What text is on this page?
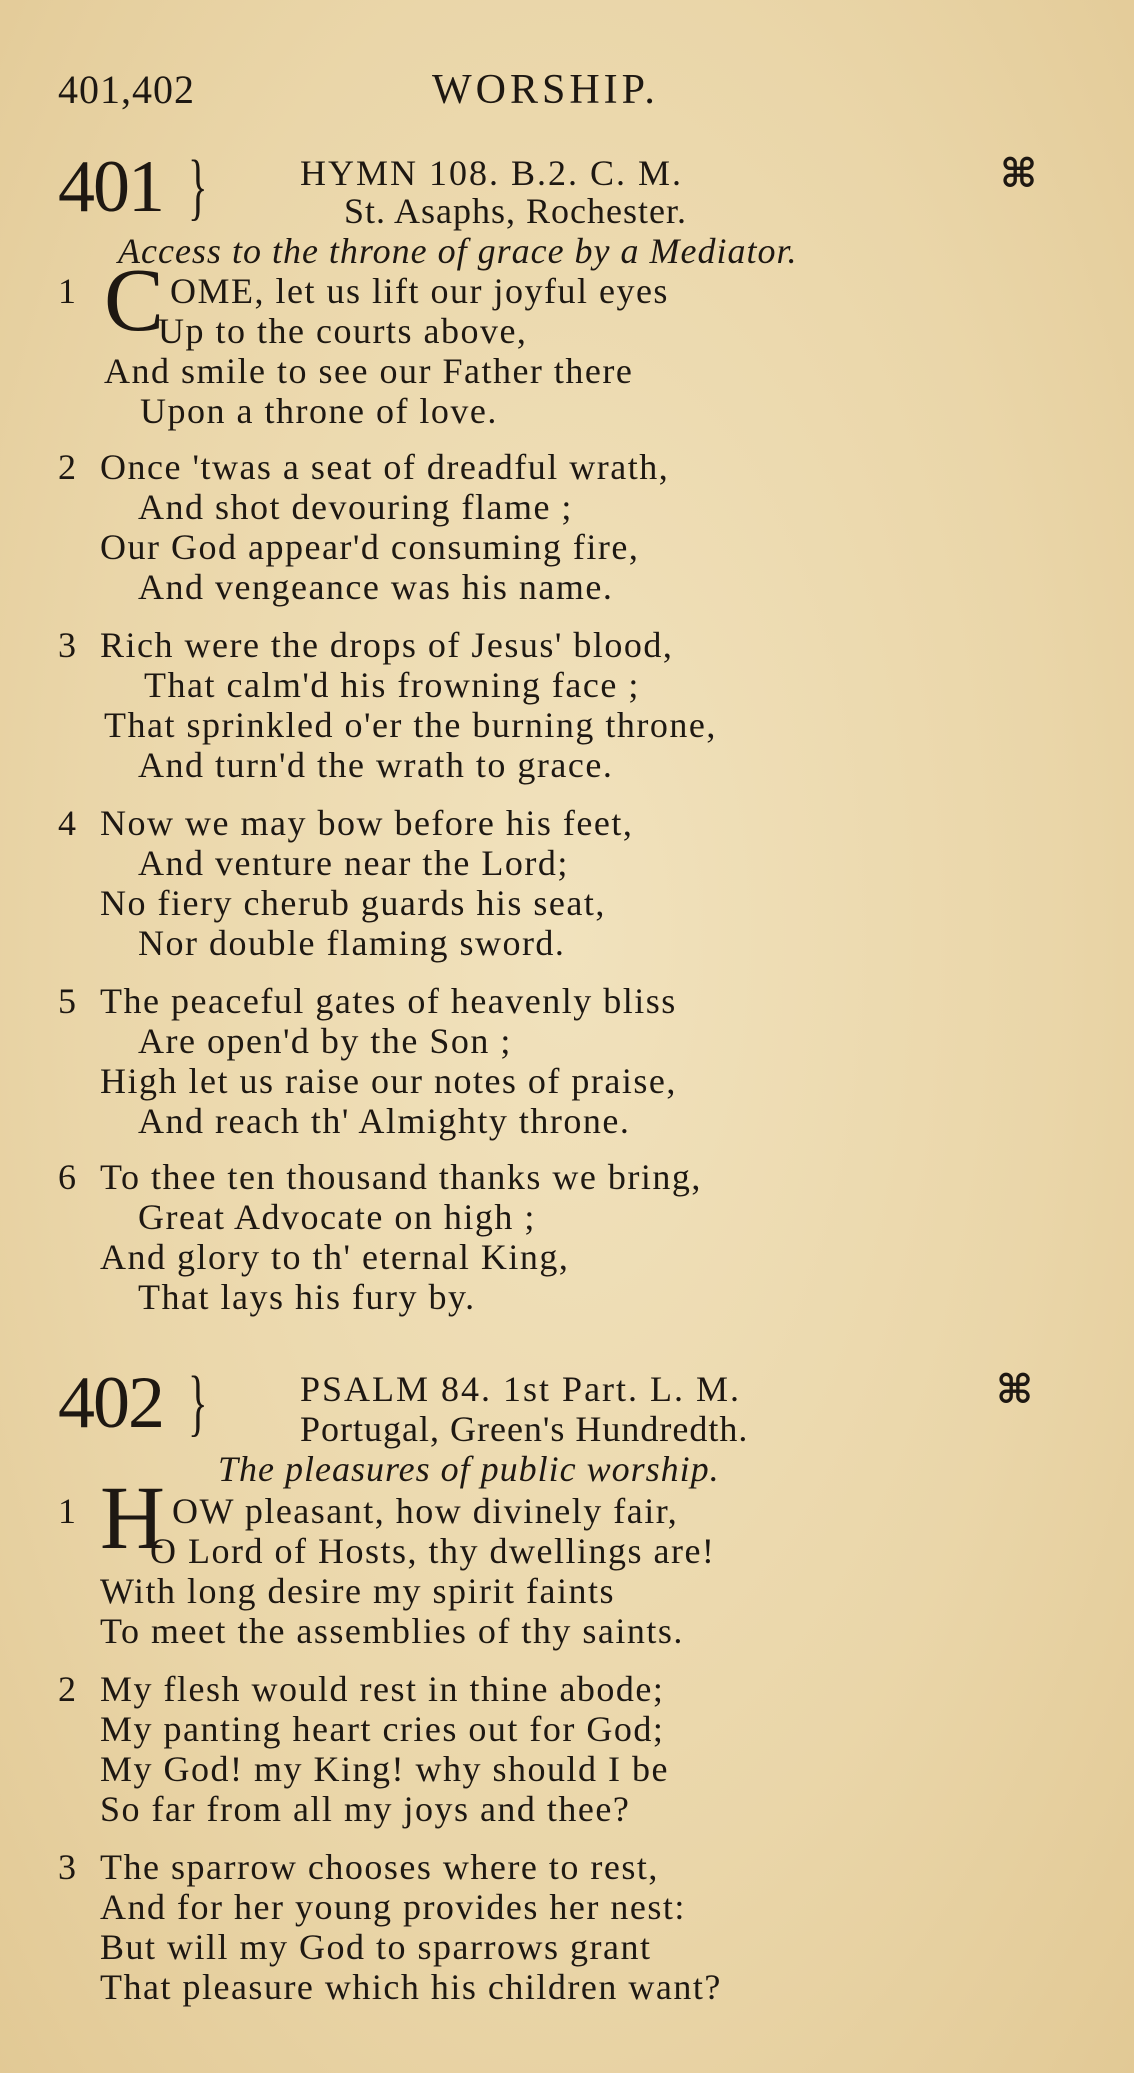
401,402	WORSHIP.
401 }	HYMN 108. B.2. C. M.
St. Asaphs, Rochester.
⌘
Access to the throne of grace by a Mediator.
1 C OME, let us lift our joyful eyes
Up to the courts above,
And smile to see our Father there
Upon a throne of love.
2 Once 'twas a seat of dreadful wrath,
And shot devouring flame ;
Our God appear'd consuming fire,
And vengeance was his name.
3 Rich were the drops of Jesus' blood,
That calm'd his frowning face ;
That sprinkled o'er the burning throne,
And turn'd the wrath to grace.
4 Now we may bow before his feet,
And venture near the Lord;
No fiery cherub guards his seat,
Nor double flaming sword.
5 The peaceful gates of heavenly bliss
Are open'd by the Son ;
High let us raise our notes of praise,
And reach th' Almighty throne.
6 To thee ten thousand thanks we bring,
Great Advocate on high ;
And glory to th' eternal King,
That lays his fury by.
402 }	PSALM 84. 1st Part. L. M.
Portugal, Green's Hundredth.
⌘
The pleasures of public worship.
1 H OW pleasant, how divinely fair,
O Lord of Hosts, thy dwellings are!
With long desire my spirit faints
To meet the assemblies of thy saints.
2 My flesh would rest in thine abode;
My panting heart cries out for God;
My God! my King! why should I be
So far from all my joys and thee?
3 The sparrow chooses where to rest,
And for her young provides her nest:
But will my God to sparrows grant
That pleasure which his children want?
